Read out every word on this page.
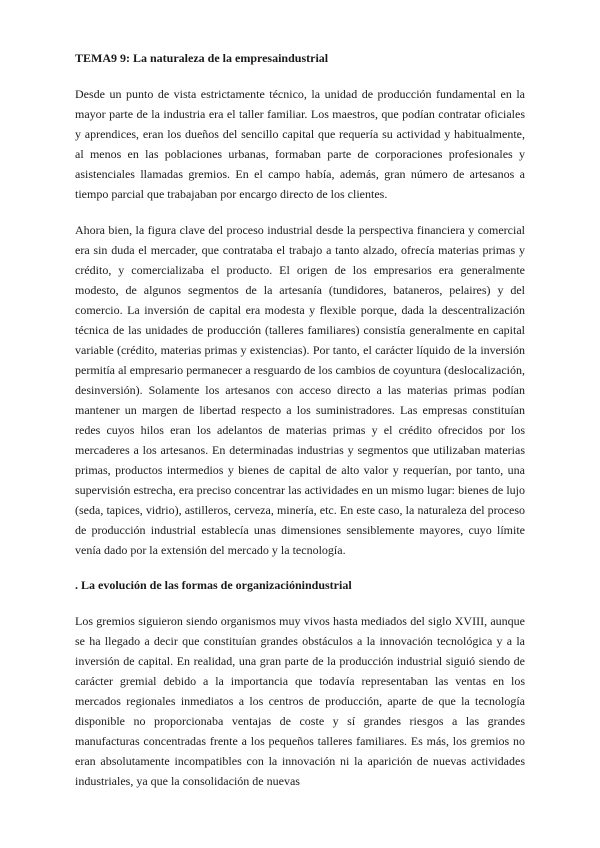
TEMA9 9: La naturaleza de la empresaindustrial

Desde un punto de vista estrictamente técnico, la unidad de producción fundamental en la mayor parte de la industria era el taller familiar. Los maestros, que podían contratar oficiales y aprendices, eran los dueños del sencillo capital que requería su actividad y habitualmente, al menos en las poblaciones urbanas, formaban parte de corporaciones profesionales y asistenciales llamadas gremios. En el campo había, además, gran número de artesanos a tiempo parcial que trabajaban por encargo directo de los clientes.

Ahora bien, la figura clave del proceso industrial desde la perspectiva financiera y comercial era sin duda el mercader, que contrataba el trabajo a tanto alzado, ofrecía materias primas y crédito, y comercializaba el producto. El origen de los empresarios era generalmente modesto, de algunos segmentos de la artesanía (tundidores, bataneros, pelaires) y del comercio. La inversión de capital era modesta y flexible porque, dada la descentralización técnica de las unidades de producción (talleres familiares) consistía generalmente en capital variable (crédito, materias primas y existencias). Por tanto, el carácter líquido de la inversión permitía al empresario permanecer a resguardo de los cambios de coyuntura (deslocalización, desinversión). Solamente los artesanos con acceso directo a las materias primas podían mantener un margen de libertad respecto a los suministradores. Las empresas constituían redes cuyos hilos eran los adelantos de materias primas y el crédito ofrecidos por los mercaderes a los artesanos. En determinadas industrias y segmentos que utilizaban materias primas, productos intermedios y bienes de capital de alto valor y requerían, por tanto, una supervisión estrecha, era preciso concentrar las actividades en un mismo lugar: bienes de lujo (seda, tapices, vidrio), astilleros, cerveza, minería, etc. En este caso, la naturaleza del proceso de producción industrial establecía unas dimensiones sensiblemente mayores, cuyo límite venía dado por la extensión del mercado y la tecnología.

. La evolución de las formas de organizaciónindustrial

Los gremios siguieron siendo organismos muy vivos hasta mediados del siglo XVIII, aunque se ha llegado a decir que constituían grandes obstáculos a la innovación tecnológica y a la inversión de capital. En realidad, una gran parte de la producción industrial siguió siendo de carácter gremial debido a la importancia que todavía representaban las ventas en los mercados regionales inmediatos a los centros de producción, aparte de que la tecnología disponible no proporcionaba ventajas de coste y sí grandes riesgos a las grandes manufacturas concentradas frente a los pequeños talleres familiares. Es más, los gremios no eran absolutamente incompatibles con la innovación ni la aparición de nuevas actividades industriales, ya que la consolidación de nuevas
